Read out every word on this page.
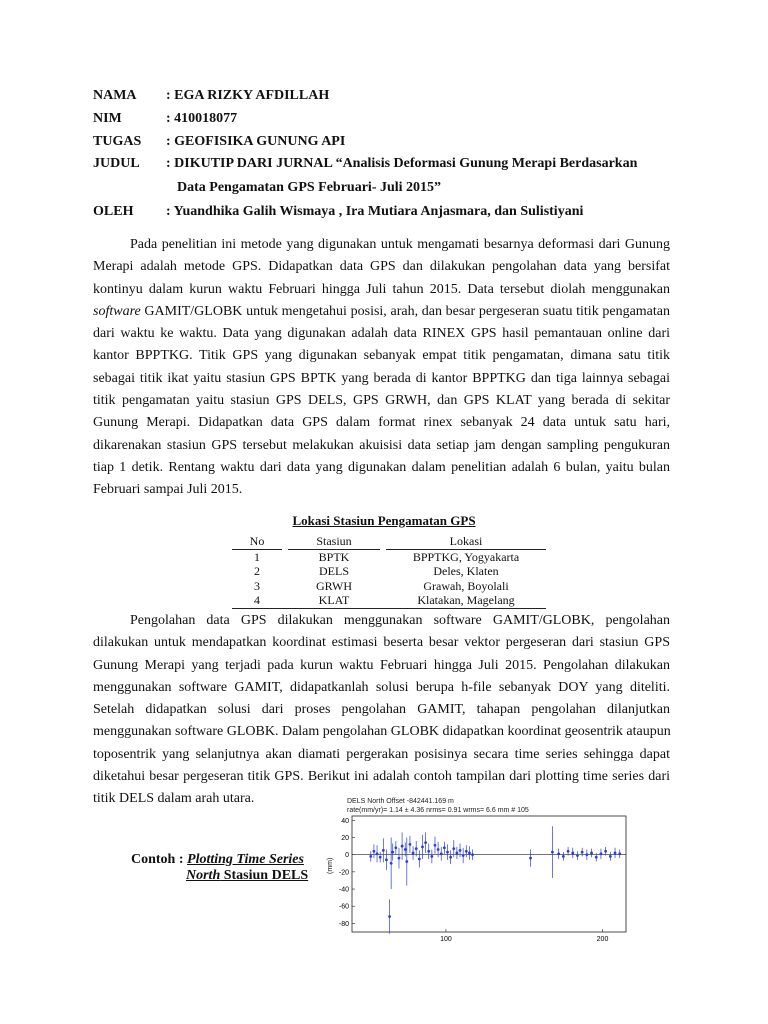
NAMA : EGA RIZKY AFDILLAH
NIM	: 410018077
TUGAS : GEOFISIKA GUNUNG API
JUDUL : DIKUTIP DARI JURNAL “Analisis Deformasi Gunung Merapi Berdasarkan
Data Pengamatan GPS Februari- Juli 2015”
OLEH : Yuandhika Galih Wismaya , Ira Mutiara Anjasmara, dan Sulistiyani
Pada penelitian ini metode yang digunakan untuk mengamati besarnya deformasi dari Gunung
Merapi adalah metode GPS. Didapatkan data GPS dan dilakukan pengolahan data yang bersifat
kontinyu dalam kurun waktu Februari hingga Juli tahun 2015. Data tersebut diolah menggunakan
software GAMIT/GLOBK untuk mengetahui posisi, arah, dan besar pergeseran suatu titik pengamatan
dari waktu ke waktu. Data yang digunakan adalah data RINEX GPS hasil pemantauan online dari
kantor BPPTKG. Titik GPS yang digunakan sebanyak empat titik pengamatan, dimana satu titik
sebagai titik ikat yaitu stasiun GPS BPTK yang berada di kantor BPPTKG dan tiga lainnya sebagai
titik pengamatan yaitu stasiun GPS DELS, GPS GRWH, dan GPS KLAT yang berada di sekitar
Gunung Merapi. Didapatkan data GPS dalam format rinex sebanyak 24 data untuk satu hari,
dikarenakan stasiun GPS tersebut melakukan akuisisi data setiap jam dengan sampling pengukuran
tiap 1 detik. Rentang waktu dari data yang digunakan dalam penelitian adalah 6 bulan, yaitu bulan
Februari sampai Juli 2015.
Lokasi Stasiun Pengamatan GPS
No		Stasiun		Lokasi
1		BPTK		BPPTKG, Yogyakarta
2		DELS		Deles, Klaten
3		GRWH		Grawah, Boyolali
4		KLAT		Klatakan, Magelang
Pengolahan data GPS dilakukan menggunakan software GAMIT/GLOBK, pengolahan
dilakukan untuk mendapatkan koordinat estimasi beserta besar vektor pergeseran dari stasiun GPS
Gunung Merapi yang terjadi pada kurun waktu Februari hingga Juli 2015. Pengolahan dilakukan
menggunakan software GAMIT, didapatkanlah solusi berupa h-file sebanyak DOY yang diteliti.
Setelah didapatkan solusi dari proses pengolahan GAMIT, tahapan pengolahan dilanjutkan
menggunakan software GLOBK. Dalam pengolahan GLOBK didapatkan koordinat geosentrik ataupun
toposentrik yang selanjutnya akan diamati pergerakan posisinya secara time series sehingga dapat
diketahui besar pergeseran titik GPS. Berikut ini adalah contoh tampilan dari plotting time series dari
titik DELS dalam arah utara.
Contoh : Plotting Time Series
North Stasiun DELS
DELS North Offset -842441.169 m
rate(mm/yr)= 1.14 ± 4.36 nrms= 0.91 wrms= 6.6 mm # 105
(mm)
40
20
0
-20
-40
-60
-80
100	200
